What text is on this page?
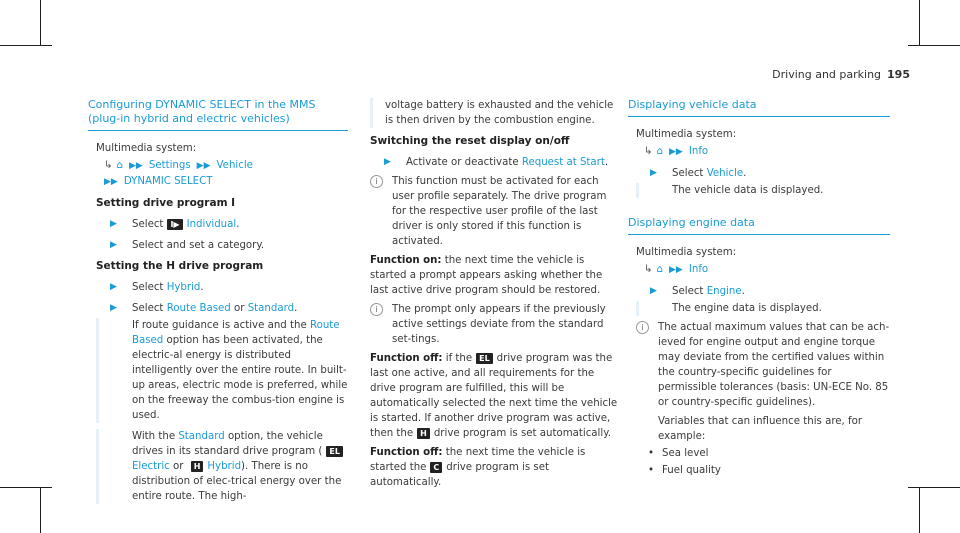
Driving and parking 195
Configuring DYNAMIC SELECT in the MMS (plug-in hybrid and electric vehicles)

Multimedia system:

↳ ⌂ ▶▶ Settings ▶▶ Vehicle

▶▶ DYNAMIC SELECT

Setting drive program I
▶ Select I▶ Individual.
▶ Select and set a category.
Setting the H drive program
▶ Select Hybrid.
▶ Select Route Based or Standard.
If route guidance is active and the Route Based option has been activated, the electric-al energy is distributed intelligently over the entire route. In built-up areas, electric mode is preferred, while on the freeway the combus-tion engine is used.
With the Standard option, the vehicle drives in its standard drive program ( ELElectric or H Hybrid). There is no distribution of elec-trical energy over the entire route. The high-

voltage battery is exhausted and the vehicle is then driven by the combustion engine.

Switching the reset display on/off
▶ Activate or deactivate Request at Start.
i	This function must be activated for each user profile separately. The drive program for the respective user profile of the last driver is only stored if this function is activated.

Function on: the next time the vehicle is started a prompt appears asking whether the last active drive program should be restored.

i	The prompt only appears if the previously active settings deviate from the standard set-tings.

Function off: if the EL drive program was the last one active, and all requirements for the drive program are fulfilled, this will be automatically selected the next time the vehicle is started. If another drive program was active, then the H drive program is set automatically.

Function off: the next time the vehicle is started the C drive program is set automatically.

Displaying vehicle data

Multimedia system:

↳ ⌂ ▶▶ Info

▶ Select Vehicle.
The vehicle data is displayed.
Displaying engine data

Multimedia system:

↳ ⌂ ▶▶ Info

▶ Select Engine.
The engine data is displayed.
i	The actual maximum values that can be ach-ieved for engine output and engine torque may deviate from the certified values within the country-specific guidelines for permissible tolerances (basis: UN-ECE No. 85 or country-specific guidelines).

Variables that can influence this are, for example:

• Sea level
• Fuel quality
